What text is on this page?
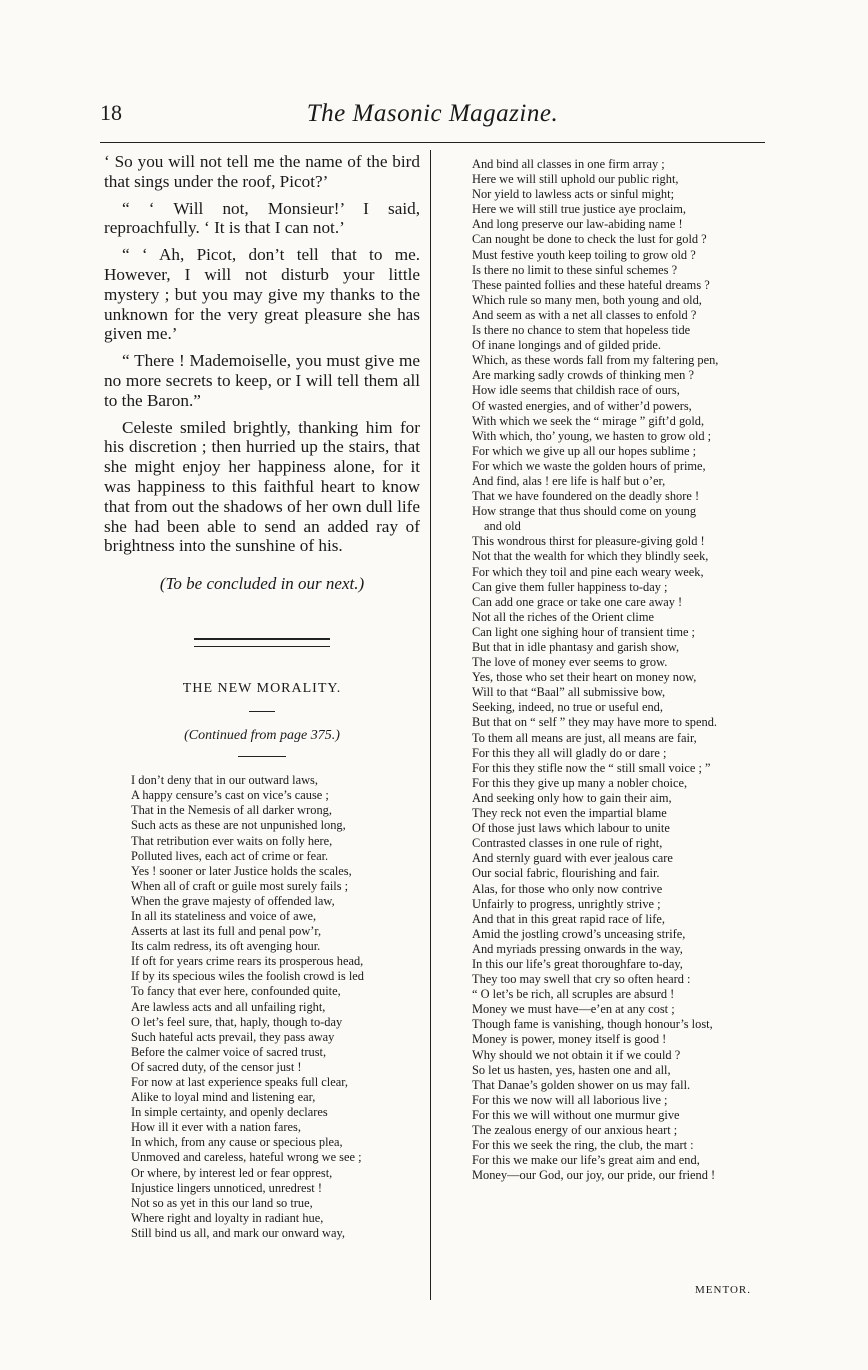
18	The Masonic Magazine.

‘ So you will not tell me the name of the bird that sings under the roof, Picot?’

“ ‘ Will not, Monsieur!’ I said, reproachfully. ‘ It is that I can not.’

“ ‘ Ah, Picot, don’t tell that to me. However, I will not disturb your little mystery ; but you may give my thanks to the unknown for the very great pleasure she has given me.’

“ There ! Mademoiselle, you must give me no more secrets to keep, or I will tell them all to the Baron.”

Celeste smiled brightly, thanking him for his discretion ; then hurried up the stairs, that she might enjoy her happiness alone, for it was happiness to this faithful heart to know that from out the shadows of her own dull life she had been able to send an added ray of brightness into the sunshine of his.

(To be concluded in our next.)
THE NEW MORALITY.
(Continued from page 375.)
I don’t deny that in our outward laws,
A happy censure’s cast on vice’s cause ;
That in the Nemesis of all darker wrong,
Such acts as these are not unpunished long,
That retribution ever waits on folly here,
Polluted lives, each act of crime or fear.
Yes ! sooner or later Justice holds the scales,
When all of craft or guile most surely fails ;
When the grave majesty of offended law,
In all its stateliness and voice of awe,
Asserts at last its full and penal pow’r,
Its calm redress, its oft avenging hour.
If oft for years crime rears its prosperous head,
If by its specious wiles the foolish crowd is led
To fancy that ever here, confounded quite,
Are lawless acts and all unfailing right,
O let’s feel sure, that, haply, though to-day
Such hateful acts prevail, they pass away
Before the calmer voice of sacred trust,
Of sacred duty, of the censor just !
For now at last experience speaks full clear,
Alike to loyal mind and listening ear,
In simple certainty, and openly declares
How ill it ever with a nation fares,
In which, from any cause or specious plea,
Unmoved and careless, hateful wrong we see ;
Or where, by interest led or fear opprest,
Injustice lingers unnoticed, unredrest !
Not so as yet in this our land so true,
Where right and loyalty in radiant hue,
Still bind us all, and mark our onward way,
And bind all classes in one firm array ;
Here we will still uphold our public right,
Nor yield to lawless acts or sinful might;
Here we will still true justice aye proclaim,
And long preserve our law-abiding name !
Can nought be done to check the lust for gold ?
Must festive youth keep toiling to grow old ?
Is there no limit to these sinful schemes ?
These painted follies and these hateful dreams ?
Which rule so many men, both young and old,
And seem as with a net all classes to enfold ?
Is there no chance to stem that hopeless tide
Of inane longings and of gilded pride.
Which, as these words fall from my faltering pen,
Are marking sadly crowds of thinking men ?
How idle seems that childish race of ours,
Of wasted energies, and of wither’d powers,
With which we seek the “ mirage ” gift’d gold,
With which, tho’ young, we hasten to grow old ;
For which we give up all our hopes sublime ;
For which we waste the golden hours of prime,
And find, alas ! ere life is half but o’er,
That we have foundered on the deadly shore !
How strange that thus should come on young
and old
This wondrous thirst for pleasure-giving gold !
Not that the wealth for which they blindly seek,
For which they toil and pine each weary week,
Can give them fuller happiness to-day ;
Can add one grace or take one care away !
Not all the riches of the Orient clime
Can light one sighing hour of transient time ;
But that in idle phantasy and garish show,
The love of money ever seems to grow.
Yes, those who set their heart on money now,
Will to that “Baal” all submissive bow,
Seeking, indeed, no true or useful end,
But that on “ self ” they may have more to spend.
To them all means are just, all means are fair,
For this they all will gladly do or dare ;
For this they stifle now the “ still small voice ; ”
For this they give up many a nobler choice,
And seeking only how to gain their aim,
They reck not even the impartial blame
Of those just laws which labour to unite
Contrasted classes in one rule of right,
And sternly guard with ever jealous care
Our social fabric, flourishing and fair.
Alas, for those who only now contrive
Unfairly to progress, unrightly strive ;
And that in this great rapid race of life,
Amid the jostling crowd’s unceasing strife,
And myriads pressing onwards in the way,
In this our life’s great thoroughfare to-day,
They too may swell that cry so often heard :
“ O let’s be rich, all scruples are absurd !
Money we must have—e’en at any cost ;
Though fame is vanishing, though honour’s lost,
Money is power, money itself is good !
Why should we not obtain it if we could ?
So let us hasten, yes, hasten one and all,
That Danae’s golden shower on us may fall.
For this we now will all laborious live ;
For this we will without one murmur give
The zealous energy of our anxious heart ;
For this we seek the ring, the club, the mart :
For this we make our life’s great aim and end,
Money—our God, our joy, our pride, our friend !
MENTOR.
